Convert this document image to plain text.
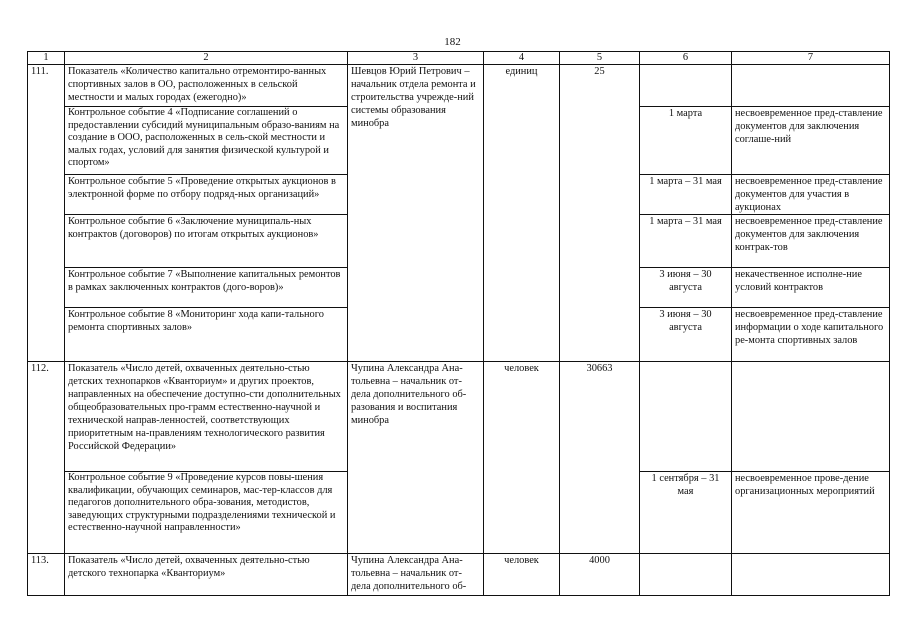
182
1	2	3	4	5	6	7
111.	Показатель «Количество капитально отремонтиро-ванных спортивных залов в ОО, расположенных в сельской местности и малых городах (ежегодно)»	Шевцов Юрий Петрович – начальник отдела ремонта и строительства учрежде-ний системы образования минобра	единиц	25		
	Контрольное событие 4 «Подписание соглашений о предоставлении субсидий муниципальным образо-ваниям на создание в ООО, расположенных в сель-ской местности и малых годах, условий для занятия физической культурой и спортом»				1 марта	несвоевременное пред-ставление документов для заключения соглаше-ний
	Контрольное событие 5 «Проведение открытых аукционов в электронной форме по отбору подряд-ных организаций»				1 марта – 31 мая	несвоевременное пред-ставление документов для участия в аукционах
	Контрольное событие 6 «Заключение муниципаль-ных контрактов (договоров) по итогам открытых аукционов»				1 марта – 31 мая	несвоевременное пред-ставление документов для заключения контрак-тов
	Контрольное событие 7 «Выполнение капитальных ремонтов в рамках заключенных контрактов (дого-воров)»				3 июня – 30 августа	некачественное исполне-ние условий контрактов
	Контрольное событие 8 «Мониторинг хода капи-тального ремонта спортивных залов»				3 июня – 30 августа	несвоевременное пред-ставление информации о ходе капитального ре-монта спортивных залов
112.	Показатель «Число детей, охваченных деятельно-стью детских технопарков «Кванториум» и других проектов, направленных на обеспечение доступно-сти дополнительных общеобразовательных про-грамм естественно-научной и технической направ-ленностей, соответствующих приоритетным на-правлениям технологического развития Российской Федерации»	Чупина Александра Ана-тольевна – начальник от-дела дополнительного об-разования и воспитания минобра	человек	30663		
	Контрольное событие 9 «Проведение курсов повы-шения квалификации, обучающих семинаров, мас-тер-классов для педагогов дополнительного обра-зования, методистов, заведующих структурными подразделениями технической и естественно-научной направленности»				1 сентября – 31 мая	несвоевременное прове-дение организационных мероприятий
113.	Показатель «Число детей, охваченных деятельно-стью детского технопарка «Кванториум»	Чупина Александра Ана-тольевна – начальник от-дела дополнительного об-	человек	4000		
